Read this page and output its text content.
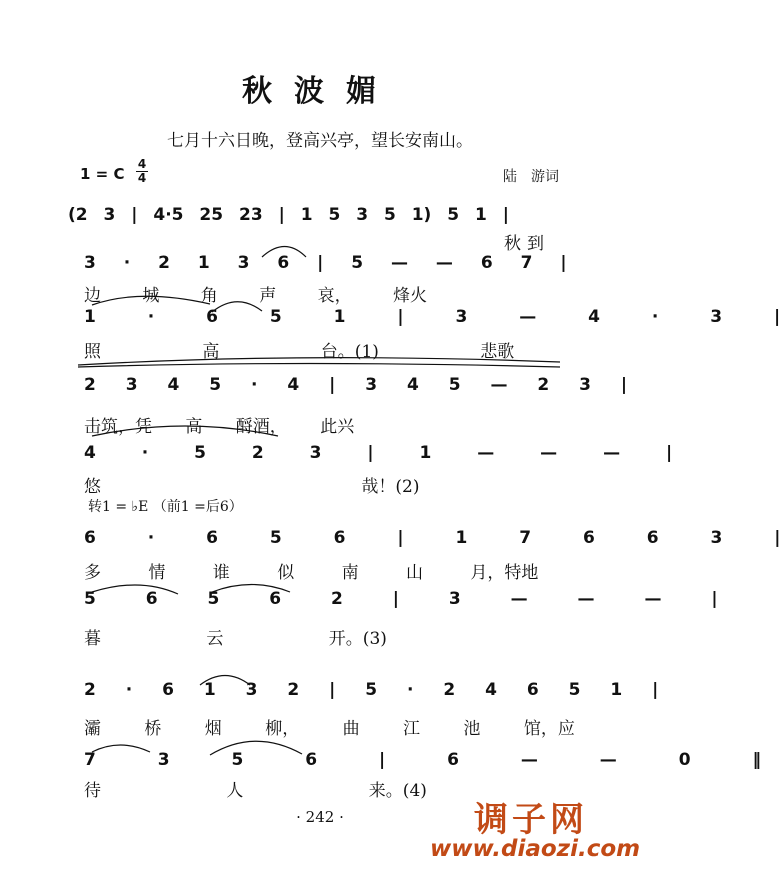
秋波媚
七月十六日晚，登高兴亭，望长安南山。
1 = C
4
4	陆　游词
(2 3 | 4·5 25 23 | 1 5 3 5 1) 5 1 |
秋到
3 · 2 1 3 6 | 5 — — 6 7 |
边 城 角 声 哀， 烽火
1 · 6 5 1 | 3 — 4 · 3 |
照 高 台。(1) 悲歌
2 3 4 5 · 4 | 3 4 5 — 2 3 |
击筑，凭 高 酹酒， 此兴
4 · 5 2 3 | 1 — — — |
悠 哉！(2)
转1 = ♭E （前1 =后6）
6 · 6 5 6 | 1 7 6 6 3 |
多 情 谁 似 南 山 月，特地
5 6 5 6 2 | 3 — — — |
暮 云 开。(3)
2 · 6 1 3 2 | 5 · 2 4 6 5 1 |
灞 桥 烟 柳， 曲 江 池 馆，应
7 3 5 6 | 6 — — 0 ‖
待 人 来。(4)
· 242 ·	调子网
www.diaozi.com
